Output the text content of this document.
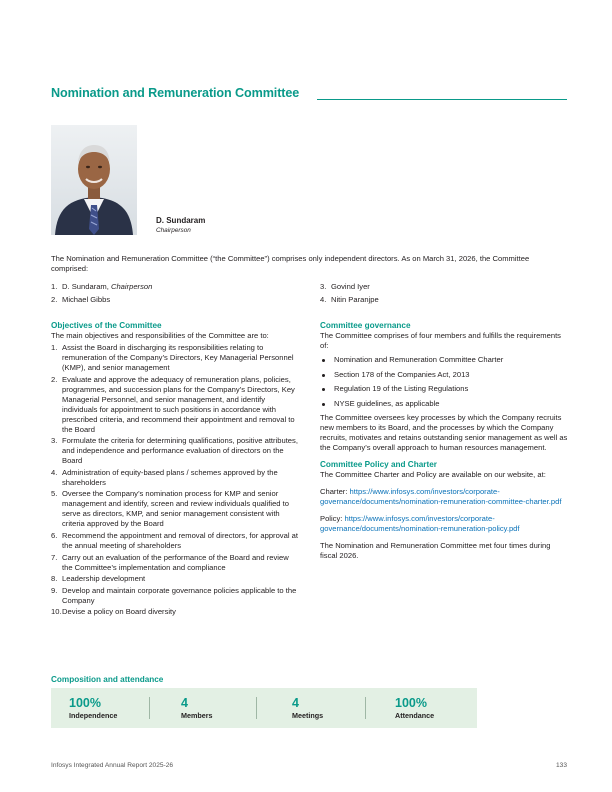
Nomination and Remuneration Committee
D. Sundaram
Chairperson
The Nomination and Remuneration Committee (“the Committee”) comprises only independent directors. As on March 31, 2026, the Committee comprised:
1. D. Sundaram, Chairperson
2. Michael Gibbs
3. Govind Iyer
4. Nitin Paranjpe
Objectives of the Committee

The main objectives and responsibilities of the Committee are to:

1. Assist the Board in discharging its responsibilities relating to remuneration of the Company’s Directors, Key Managerial Personnel (KMP), and senior management
2. Evaluate and approve the adequacy of remuneration plans, policies, programmes, and succession plans for the Company’s Directors, Key Managerial Personnel, and senior management, and identify individuals for appointment to such positions in accordance with prescribed criteria, and recommend their appointment and removal to the Board
3. Formulate the criteria for determining qualifications, positive attributes, and independence and performance evaluation of directors on the Board
4. Administration of equity-based plans / schemes approved by the shareholders
5. Oversee the Company’s nomination process for KMP and senior management and identify, screen and review individuals qualified to serve as directors, KMP, and senior management consistent with criteria approved by the Board
6. Recommend the appointment and removal of directors, for approval at the annual meeting of shareholders
7. Carry out an evaluation of the performance of the Board and review the Committee’s implementation and compliance
8. Leadership development
9. Develop and maintain corporate governance policies applicable to the Company
10. Devise a policy on Board diversity
Committee governance

The Committee comprises of four members and fulfills the requirements of:

Nomination and Remuneration Committee Charter
Section 178 of the Companies Act, 2013
Regulation 19 of the Listing Regulations
NYSE guidelines, as applicable

The Committee oversees key processes by which the Company recruits new members to its Board, and the processes by which the Company recruits, motivates and retains outstanding senior management as well as the Company’s overall approach to human resources management.

Committee Policy and Charter

The Committee Charter and Policy are available on our website, at:

Charter: https://www.infosys.com/investors/corporate-governance/documents/nomination-remuneration-committee-charter.pdf

Policy: https://www.infosys.com/investors/corporate-governance/documents/nomination-remuneration-policy.pdf

The Nomination and Remuneration Committee met four times during fiscal 2026.

Composition and attendance
100%
Independence
4
Members
4
Meetings
100%
Attendance
Infosys Integrated Annual Report 2025-26	133
